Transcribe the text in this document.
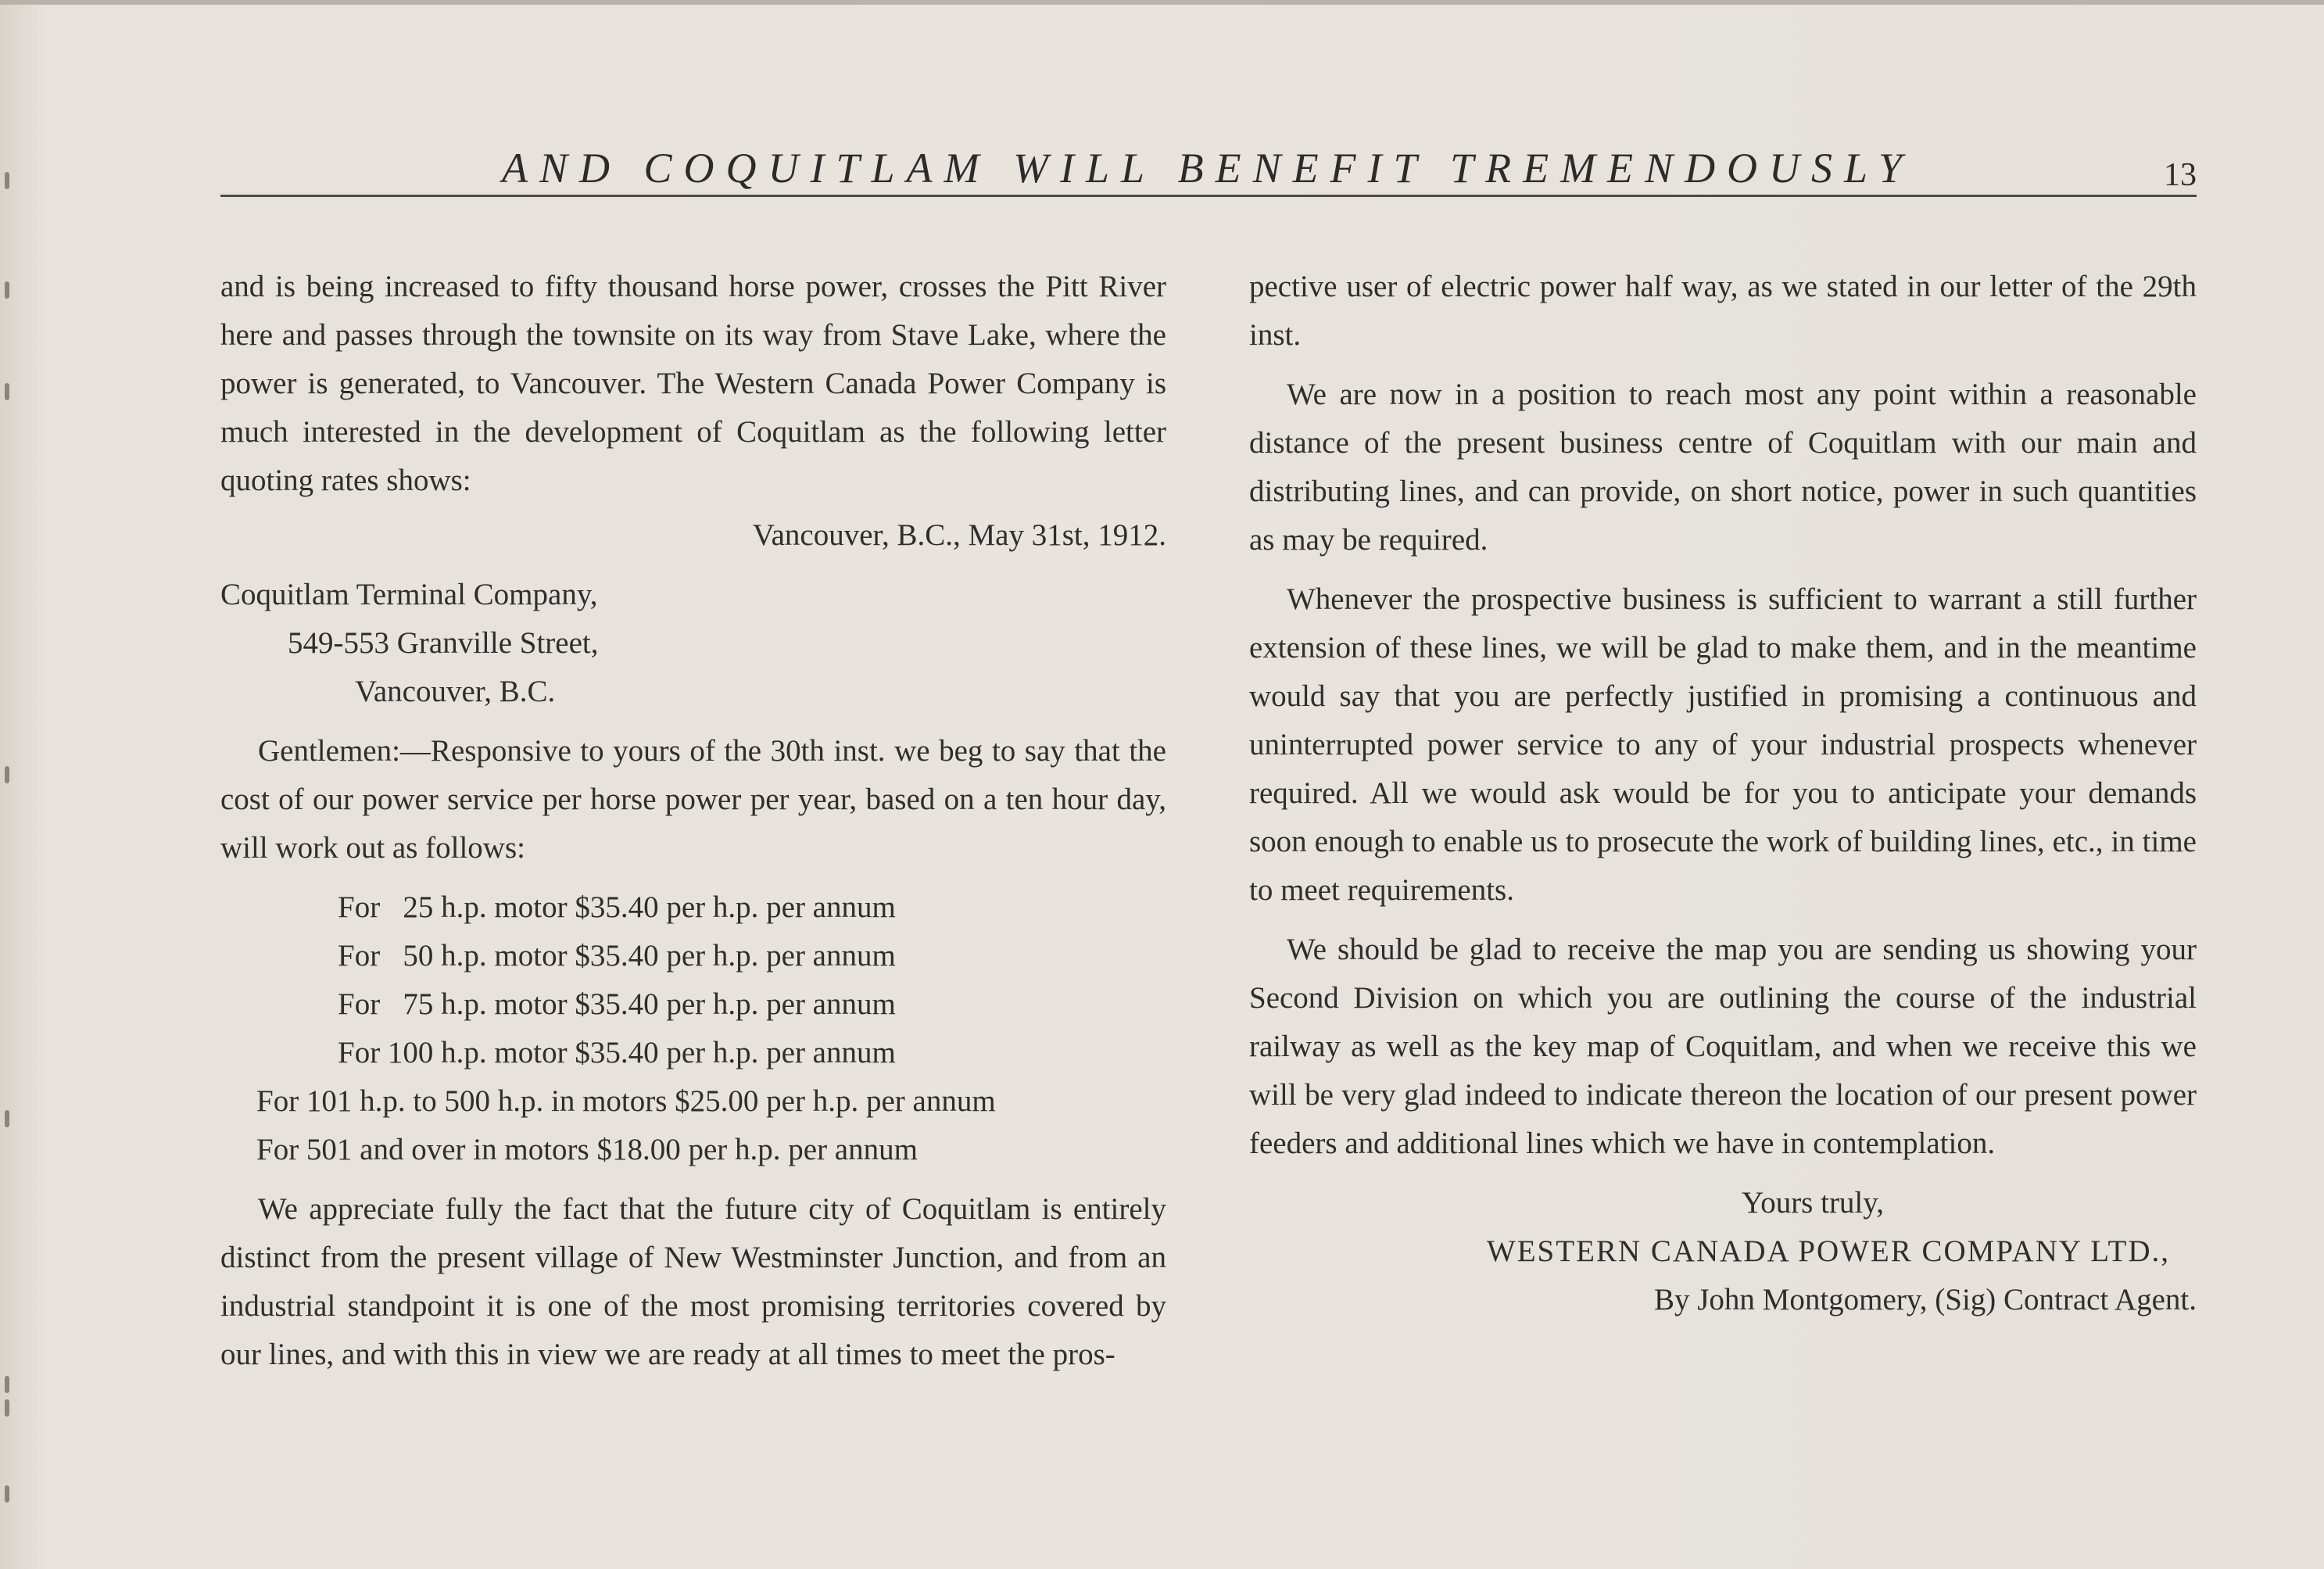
AND COQUITLAM WILL BENEFIT TREMENDOUSLY	13

and is being increased to fifty thousand horse power, crosses the Pitt River here and passes through the townsite on its way from Stave Lake, where the power is generated, to Vancouver. The Western Canada Power Company is much interested in the development of Coquitlam as the following letter quoting rates shows:

Vancouver, B.C., May 31st, 1912.

Coquitlam Terminal Company,

549-553 Granville Street,

Vancouver, B.C.

Gentlemen:—Responsive to yours of the 30th inst. we beg to say that the cost of our power service per horse power per year, based on a ten hour day, will work out as follows:

For   25 h.p. motor $35.40 per h.p. per annum

For   50 h.p. motor $35.40 per h.p. per annum

For   75 h.p. motor $35.40 per h.p. per annum

For 100 h.p. motor $35.40 per h.p. per annum

For 101 h.p. to 500 h.p. in motors $25.00 per h.p. per annum

For 501 and over in motors $18.00 per h.p. per annum

We appreciate fully the fact that the future city of Coquitlam is entirely distinct from the present village of New Westminster Junction, and from an industrial standpoint it is one of the most promising territories covered by our lines, and with this in view we are ready at all times to meet the pros-

pective user of electric power half way, as we stated in our letter of the 29th inst.

We are now in a position to reach most any point within a reasonable distance of the present business centre of Coquitlam with our main and distributing lines, and can provide, on short notice, power in such quantities as may be required.

Whenever the prospective business is sufficient to warrant a still further extension of these lines, we will be glad to make them, and in the meantime would say that you are perfectly justified in promising a continuous and uninterrupted power service to any of your industrial prospects whenever required. All we would ask would be for you to anticipate your demands soon enough to enable us to prosecute the work of building lines, etc., in time to meet requirements.

We should be glad to receive the map you are sending us showing your Second Division on which you are outlining the course of the industrial railway as well as the key map of Coquitlam, and when we receive this we will be very glad indeed to indicate thereon the location of our present power feeders and additional lines which we have in contemplation.

Yours truly,

WESTERN CANADA POWER COMPANY LTD.,

By John Montgomery, (Sig) Contract Agent.
